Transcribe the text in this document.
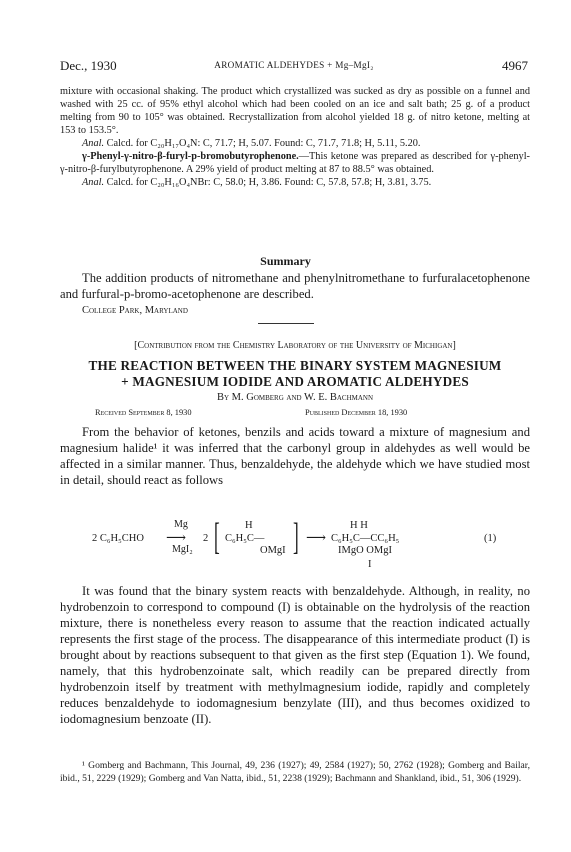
Dec., 1930	AROMATIC ALDEHYDES + Mg–MgI₂	4967

mixture with occasional shaking. The product which crystallized was sucked as dry as possible on a funnel and washed with 25 cc. of 95% ethyl alcohol which had been cooled on an ice and salt bath; 25 g. of a product melting from 90 to 105° was obtained. Recrystallization from alcohol yielded 18 g. of nitro ketone, melting at 153 to 153.5°.

Anal. Calcd. for C₂₀H₁₇O₄N: C, 71.7; H, 5.07. Found: C, 71.7, 71.8; H, 5.11, 5.20.

γ-Phenyl-γ-nitro-β-furyl-p-bromobutyrophenone.—This ketone was prepared as described for γ-phenyl-γ-nitro-β-furylbutyrophenone. A 29% yield of product melting at 87 to 88.5° was obtained.

Anal. Calcd. for C₂₀H₁₆O₄NBr: C, 58.0; H, 3.86. Found: C, 57.8, 57.8; H, 3.81, 3.75.

Summary

The addition products of nitromethane and phenylnitromethane to furfuralacetophenone and furfural-p-bromo-acetophenone are described.

College Park, Maryland

[Contribution from the Chemistry Laboratory of the University of Michigan]
THE REACTION BETWEEN THE BINARY SYSTEM MAGNESIUM
+ MAGNESIUM IODIDE AND AROMATIC ALDEHYDES
By M. Gomberg and W. E. Bachmann
Received September 8, 1930	Published December 18, 1930

From the behavior of ketones, benzils and acids toward a mixture of magnesium and magnesium halide¹ it was inferred that the carbonyl group in aldehydes as well would be affected in a similar manner. Thus, benzaldehyde, the aldehyde which we have studied most in detail, should react as follows

2 C₆H₅CHO
Mg
⟶
MgI₂
2 [ H
C₆H₅C—
OMgI ] ⟶
H H
C₆H₅C—CC₆H₅
IMgO OMgI
I
(1)

It was found that the binary system reacts with benzaldehyde. Although, in reality, no hydrobenzoin to correspond to compound (I) is obtainable on the hydrolysis of the reaction mixture, there is nonetheless every reason to assume that the reaction indicated actually represents the first stage of the process. The disappearance of this intermediate product (I) is brought about by reactions subsequent to that given as the first step (Equation 1). We found, namely, that this hydrobenzoinate salt, which readily can be prepared directly from hydrobenzoin itself by treatment with methylmagnesium iodide, rapidly and completely reduces benzaldehyde to iodomagnesium benzylate (III), and thus becomes oxidized to iodomagnesium benzoate (II).

¹ Gomberg and Bachmann, This Journal, 49, 236 (1927); 49, 2584 (1927); 50, 2762 (1928); Gomberg and Bailar, ibid., 51, 2229 (1929); Gomberg and Van Natta, ibid., 51, 2238 (1929); Bachmann and Shankland, ibid., 51, 306 (1929).
